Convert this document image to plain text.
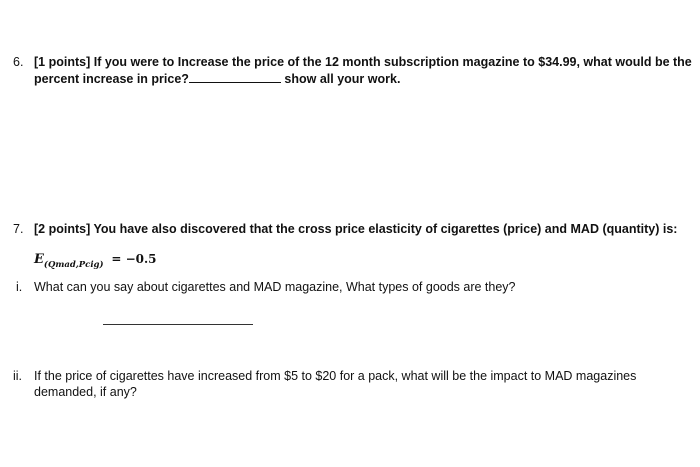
6. [1 points] If you were to Increase the price of the 12 month subscription magazine to $34.99, what would be the
percent increase in price?	show all your work.
7. [2 points] You have also discovered that the cross price elasticity of cigarettes (price) and MAD (quantity) is:
$E_{(Qmad,Pcig)} = -0.5$
i. What can you say about cigarettes and MAD magazine, What types of goods are they?
ii. If the price of cigarettes have increased from $5 to $20 for a pack, what will be the impact to MAD magazines
demanded, if any?
